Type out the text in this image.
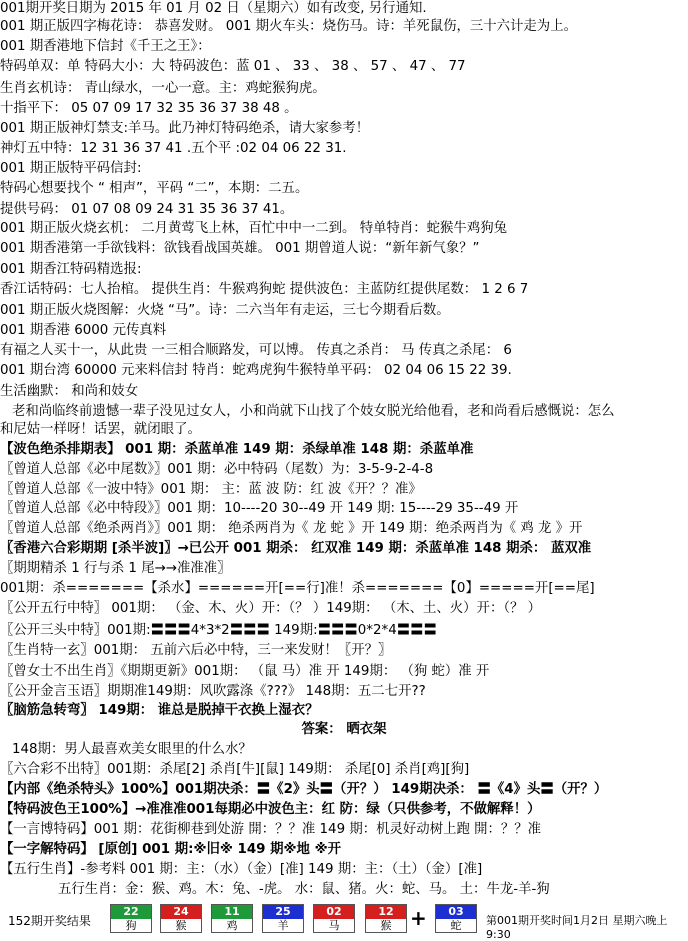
001期开奖日期为 2015 年 01 月 02 日（星期六）如有改变, 另行通知.
001 期正版四字梅花诗： 恭喜发财。 001 期火车头：烧伤马。诗：羊死鼠伤，三十六计走为上。
001 期香港地下信封《千王之王》：
特码单双：单 特码大小：大 特码波色：蓝 01 、 33 、 38 、 57 、 47 、 77
生肖玄机诗： 青山绿水，一心一意。主：鸡蛇猴狗虎。
十指平下： 05 07 09 17 32 35 36 37 38 48 。
001 期正版神灯禁支:羊马。此乃神灯特码绝杀，请大家参考！
神灯五中特：12 31 36 37 41 .五个平 :02 04 06 22 31.
001 期正版特平码信封:
特码心想要找个 “ 相声”，平码 “二”，本期：二五。
提供号码： 01 07 08 09 24 31 35 36 37 41。
001 期正版火烧玄机： 二月黄莺飞上林，百忙中中一二到。 特单特肖：蛇猴牛鸡狗兔
001 期香港第一手欲钱料：欲钱看战国英雄。 001 期曾道人说：“新年新气象？”
001 期香江特码精选报:
香江话特码：七人抬棺。 提供生肖：牛猴鸡狗蛇 提供波色：主蓝防红提供尾数： 1 2 6 7
001 期正版火烧图解：火烧 “马”。诗：二六当年有走运，三七今期看后数。
001 期香港 6000 元传真料
有福之人买十一，从此贵 一三相合顺路发，可以博。 传真之杀肖： 马 传真之杀尾： 6
001 期台湾 60000 元来料信封 特肖：蛇鸡虎狗牛猴特单平码： 02 04 06 15 22 39.
生活幽默： 和尚和妓女
老和尚临终前遗憾一辈子没见过女人，小和尚就下山找了个妓女脱光给他看，老和尚看后感慨说：怎么
和尼姑一样呀！话罢，就闭眼了。
【波色绝杀排期表】 001 期：杀蓝单准 149 期：杀绿单准 148 期：杀蓝单准
〖曾道人总部《必中尾数》〗001 期：必中特码（尾数）为：3-5-9-2-4-8
〖曾道人总部《一波中特》001 期： 主：蓝 波 防：红 波《开？？准》
〖曾道人总部《必中特段》〗001 期：10----20 30--49 开 149 期: 15----29 35--49 开
〖曾道人总部《绝杀两肖》〗001 期： 绝杀两肖为《 龙 蛇 》开 149 期：绝杀两肖为《 鸡 龙 》开
〖香港六合彩期期 [杀半波]〗→已公开 001 期杀： 红双准 149 期：杀蓝单准 148 期杀： 蓝双准
〖期期精杀 1 行与杀 1 尾→→准准准〗
001期：杀=======【杀水】======开[==行]准！杀=======【0】=====开[==尾]
〖公开五行中特〗 001期： （金、木、火）开：（？ ）149期： （木、土、火）开：（？ ）
〖公开三头中特〗001期:〓〓〓4*3*2〓〓〓 149期:〓〓〓0*2*4〓〓〓
〖生肖特一玄〗001期： 五前六后必中特，三一来发财！〖开？〗
〖曾女士不出生肖〗《期期更新》001期： （鼠 马）准 开 149期： （狗 蛇）准 开
〖公开金言玉语〗期期准149期：风吹露涤《???》 148期：五二七开??
〖脑筋急转弯〗 149期： 谁总是脱掉干衣换上湿衣？
答案： 晒衣架
148期：男人最喜欢美女眼里的什么水？
〖六合彩不出特〗001期：杀尾[2] 杀肖[牛][鼠] 149期： 杀尾[0] 杀肖[鸡][狗]
【内部《绝杀特头》100%】001期决杀：〓《2》头〓（开？） 149期决杀： 〓《4》头〓（开？）
【特码波色王100%】→准准准001每期必中波色主：红 防：绿（只供参考，不做解释！）
【一言博特码】001 期：花街柳巷到处游 開：？？准 149 期：机灵好动树上跑 開：？？准
【一字解特码】 [原创] 001 期:※旧※ 149 期※地 ※开
【五行生肖】-参考料 001 期：主：（水）（金）[准] 149 期：主：（土）（金）[准]
五行生肖：金：猴、鸡。木：兔、-虎。 水：鼠、猪。火：蛇、马。 土：牛龙-羊-狗
152期开奖结果
22
狗
24
猴
11
鸡
25
羊
02
马
12
猴 +	03
蛇	第001期开奖时间1月2日 星期六晚上9:30
